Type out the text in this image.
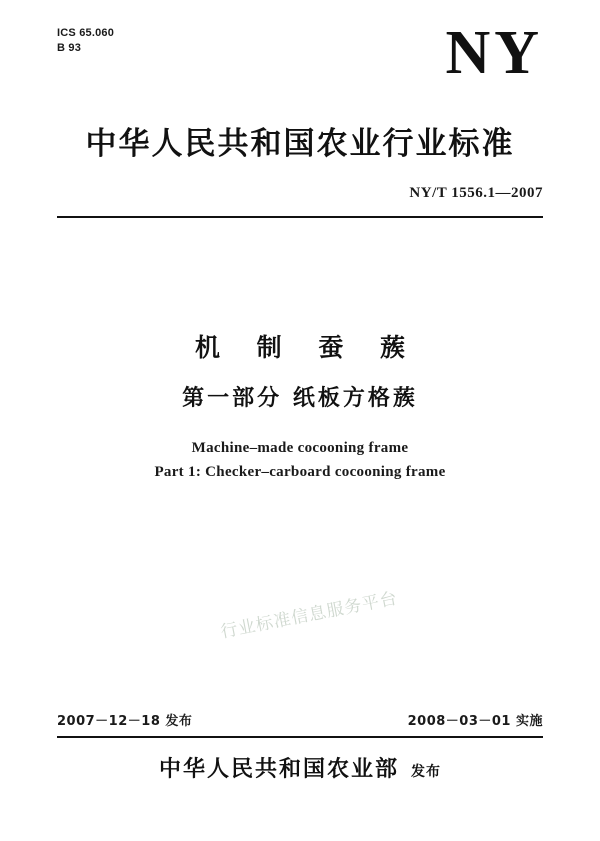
ICS 65.060
B 93	NY
中华人民共和国农业行业标准
NY/T 1556.1—2007
机 制 蚕 蔟
第一部分 纸板方格蔟
Machine–made cocooning frame
Part 1: Checker–carboard cocooning frame
行业标准信息服务平台
2007－12－18 发布	2008－03－01 实施
中华人民共和国农业部 发布
